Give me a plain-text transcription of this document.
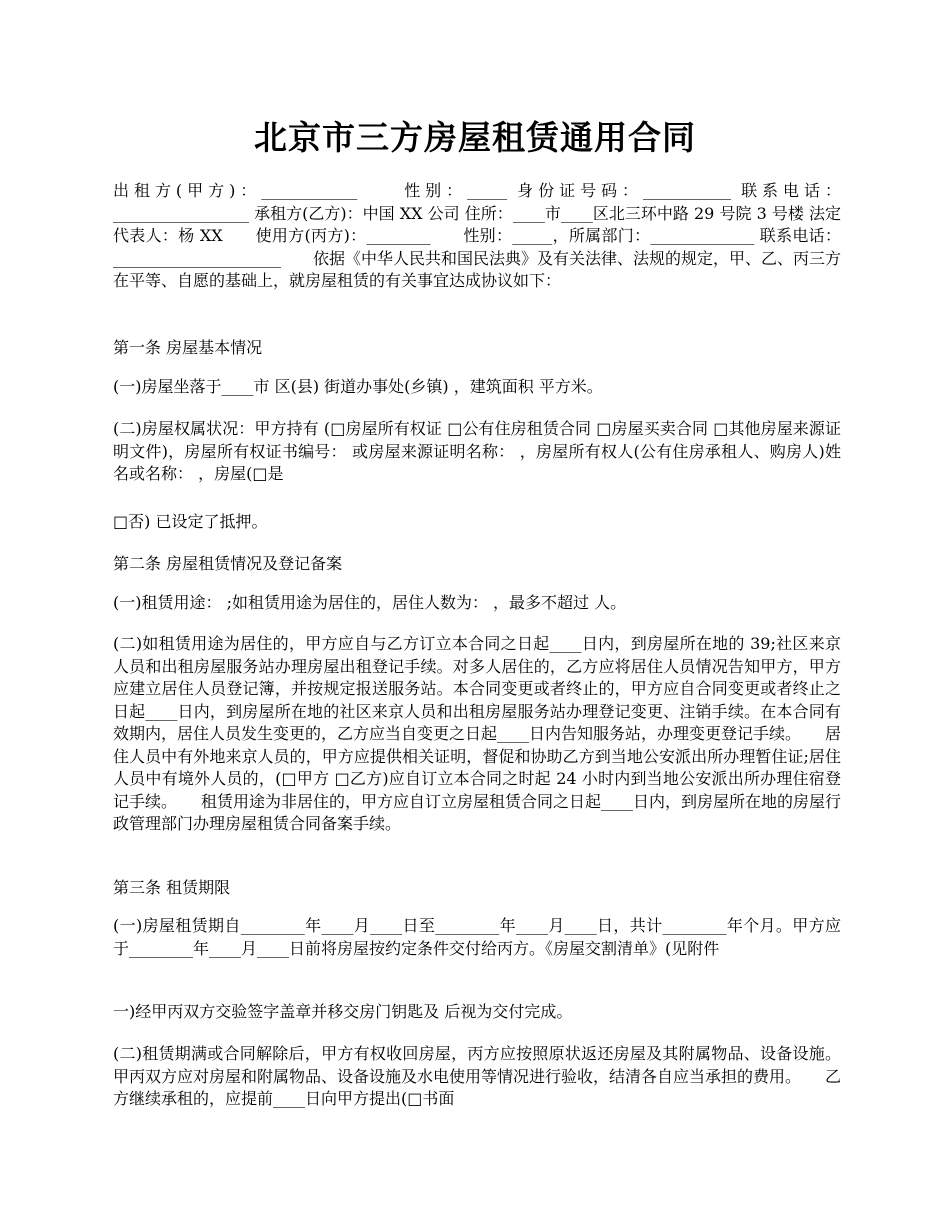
北京市三方房屋租赁通用合同

出租方(甲方)：____________　　性别：_____ 身份证号码：___________ 联系电话：_________________ 承租方(乙方)：中国 XX 公司 住所：____市____区北三环中路 29 号院 3 号楼 法定代表人：杨 XX　　使用方(丙方)：________　　性别：_____，所属部门：_____________ 联系电话：_____________________　　依据《中华人民共和国民法典》及有关法律、法规的规定，甲、乙、丙三方在平等、自愿的基础上，就房屋租赁的有关事宜达成协议如下：

第一条 房屋基本情况

(一)房屋坐落于____市 区(县) 街道办事处(乡镇) ，建筑面积 平方米。

(二)房屋权属状况：甲方持有 (□房屋所有权证 □公有住房租赁合同 □房屋买卖合同 □其他房屋来源证明文件)，房屋所有权证书编号： 或房屋来源证明名称： ，房屋所有权人(公有住房承租人、购房人)姓名或名称： ，房屋(□是

□否) 已设定了抵押。

第二条 房屋租赁情况及登记备案

(一)租赁用途： ;如租赁用途为居住的，居住人数为： ，最多不超过 人。

(二)如租赁用途为居住的，甲方应自与乙方订立本合同之日起____日内，到房屋所在地的 39;社区来京人员和出租房屋服务站办理房屋出租登记手续。对多人居住的，乙方应将居住人员情况告知甲方，甲方应建立居住人员登记簿，并按规定报送服务站。本合同变更或者终止的，甲方应自合同变更或者终止之日起____日内，到房屋所在地的社区来京人员和出租房屋服务站办理登记变更、注销手续。在本合同有效期内，居住人员发生变更的，乙方应当自变更之日起____日内告知服务站，办理变更登记手续。　　居住人员中有外地来京人员的，甲方应提供相关证明，督促和协助乙方到当地公安派出所办理暂住证;居住人员中有境外人员的，(□甲方 □乙方)应自订立本合同之时起 24 小时内到当地公安派出所办理住宿登记手续。　　租赁用途为非居住的，甲方应自订立房屋租赁合同之日起____日内，到房屋所在地的房屋行政管理部门办理房屋租赁合同备案手续。

第三条 租赁期限

(一)房屋租赁期自________年____月____日至________年____月____日，共计________年个月。甲方应于________年____月____日前将房屋按约定条件交付给丙方。《房屋交割清单》(见附件

一)经甲丙双方交验签字盖章并移交房门钥匙及 后视为交付完成。

(二)租赁期满或合同解除后，甲方有权收回房屋，丙方应按照原状返还房屋及其附属物品、设备设施。甲丙双方应对房屋和附属物品、设备设施及水电使用等情况进行验收，结清各自应当承担的费用。　　乙方继续承租的，应提前____日向甲方提出(□书面
